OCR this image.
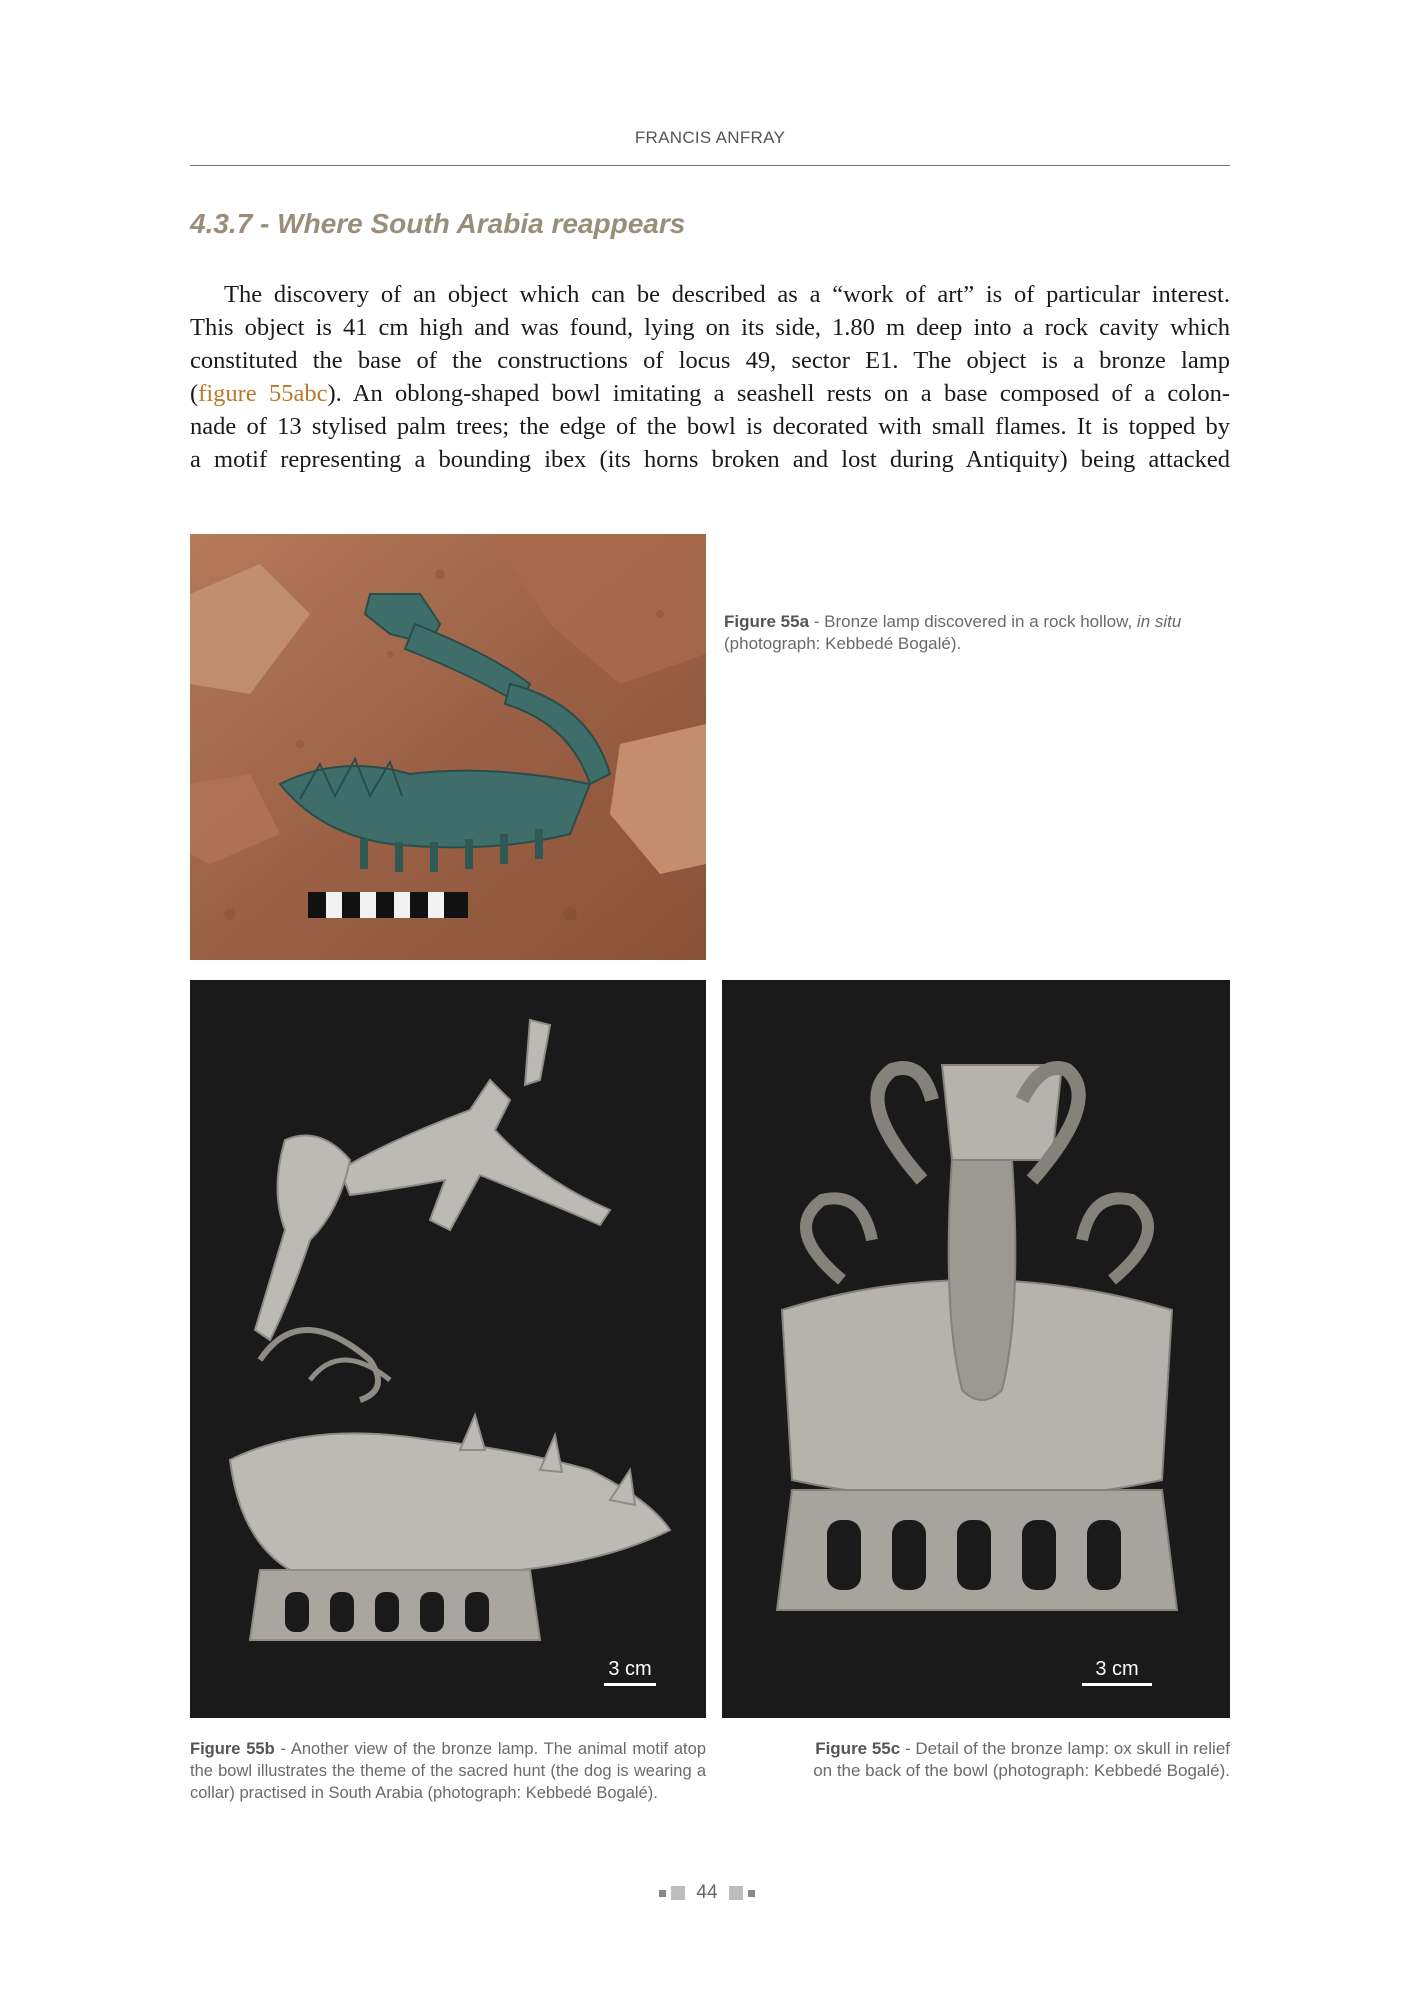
FRANCIS ANFRAY
4.3.7 - Where South Arabia reappears
The discovery of an object which can be described as a “work of art” is of particular interest.
This object is 41 cm high and was found, lying on its side, 1.80 m deep into a rock cavity which
constituted the base of the constructions of locus 49, sector E1. The object is a bronze lamp
(figure 55abc). An oblong-shaped bowl imitating a seashell rests on a base composed of a colon-
nade of 13 stylised palm trees; the edge of the bowl is decorated with small flames. It is topped by
a motif representing a bounding ibex (its horns broken and lost during Antiquity) being attacked
Figure 55a - Bronze lamp discovered in a rock hollow, in situ
(photograph: Kebbedé Bogalé).
3 cm	3 cm
Figure 55b - Another view of the bronze lamp. The animal motif atop the bowl illustrates the theme of the sacred hunt (the dog is wearing a collar) practised in South Arabia (photograph: Kebbedé Bogalé).
Figure 55c - Detail of the bronze lamp: ox skull in relief
on the back of the bowl (photograph: Kebbedé Bogalé).
44
